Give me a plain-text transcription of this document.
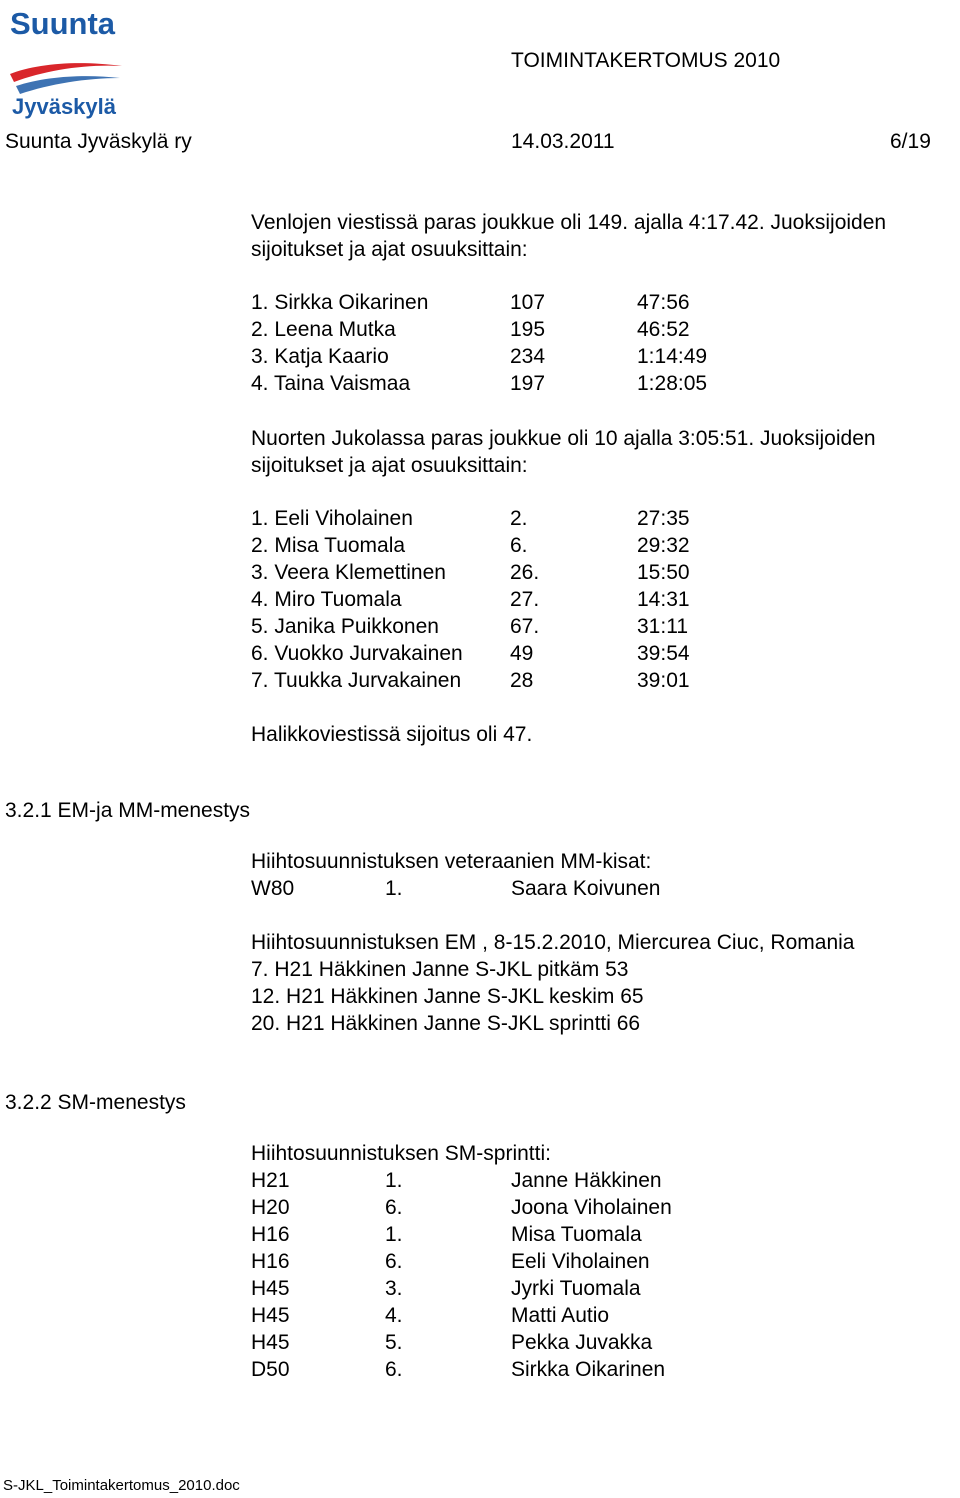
Suunta
Jyväskylä
TOIMINTAKERTOMUS 2010
Suunta Jyväskylä ry	14.03.2011	6/19
Venlojen viestissä paras joukkue oli 149. ajalla 4:17.42. Juoksijoiden
sijoitukset ja ajat osuuksittain:
1. Sirkka Oikarinen	107	47:56
2. Leena Mutka	195	46:52
3. Katja Kaario	234	1:14:49
4. Taina Vaismaa	197	1:28:05
Nuorten Jukolassa paras joukkue oli 10 ajalla 3:05:51. Juoksijoiden
sijoitukset ja ajat osuuksittain:
1. Eeli Viholainen	2.	27:35
2. Misa Tuomala	6.	29:32
3. Veera Klemettinen	26.	15:50
4. Miro Tuomala	27.	14:31
5. Janika Puikkonen	67.	31:11
6. Vuokko Jurvakainen 49	39:54
7. Tuukka Jurvakainen 28	39:01
Halikkoviestissä sijoitus oli 47.
3.2.1 EM-ja MM-menestys
Hiihtosuunnistuksen veteraanien MM-kisat:
W80	1.	Saara Koivunen
Hiihtosuunnistuksen EM , 8-15.2.2010, Miercurea Ciuc, Romania
7. H21 Häkkinen Janne S-JKL pitkäm 53
12. H21 Häkkinen Janne S-JKL keskim 65
20. H21 Häkkinen Janne S-JKL sprintti 66
3.2.2 SM-menestys
Hiihtosuunnistuksen SM-sprintti:
H21	1.	Janne Häkkinen
H20	6.	Joona Viholainen
H16	1.	Misa Tuomala
H16	6.	Eeli Viholainen
H45	3.	Jyrki Tuomala
H45	4.	Matti Autio
H45	5.	Pekka Juvakka
D50	6.	Sirkka Oikarinen
S-JKL_Toimintakertomus_2010.doc
